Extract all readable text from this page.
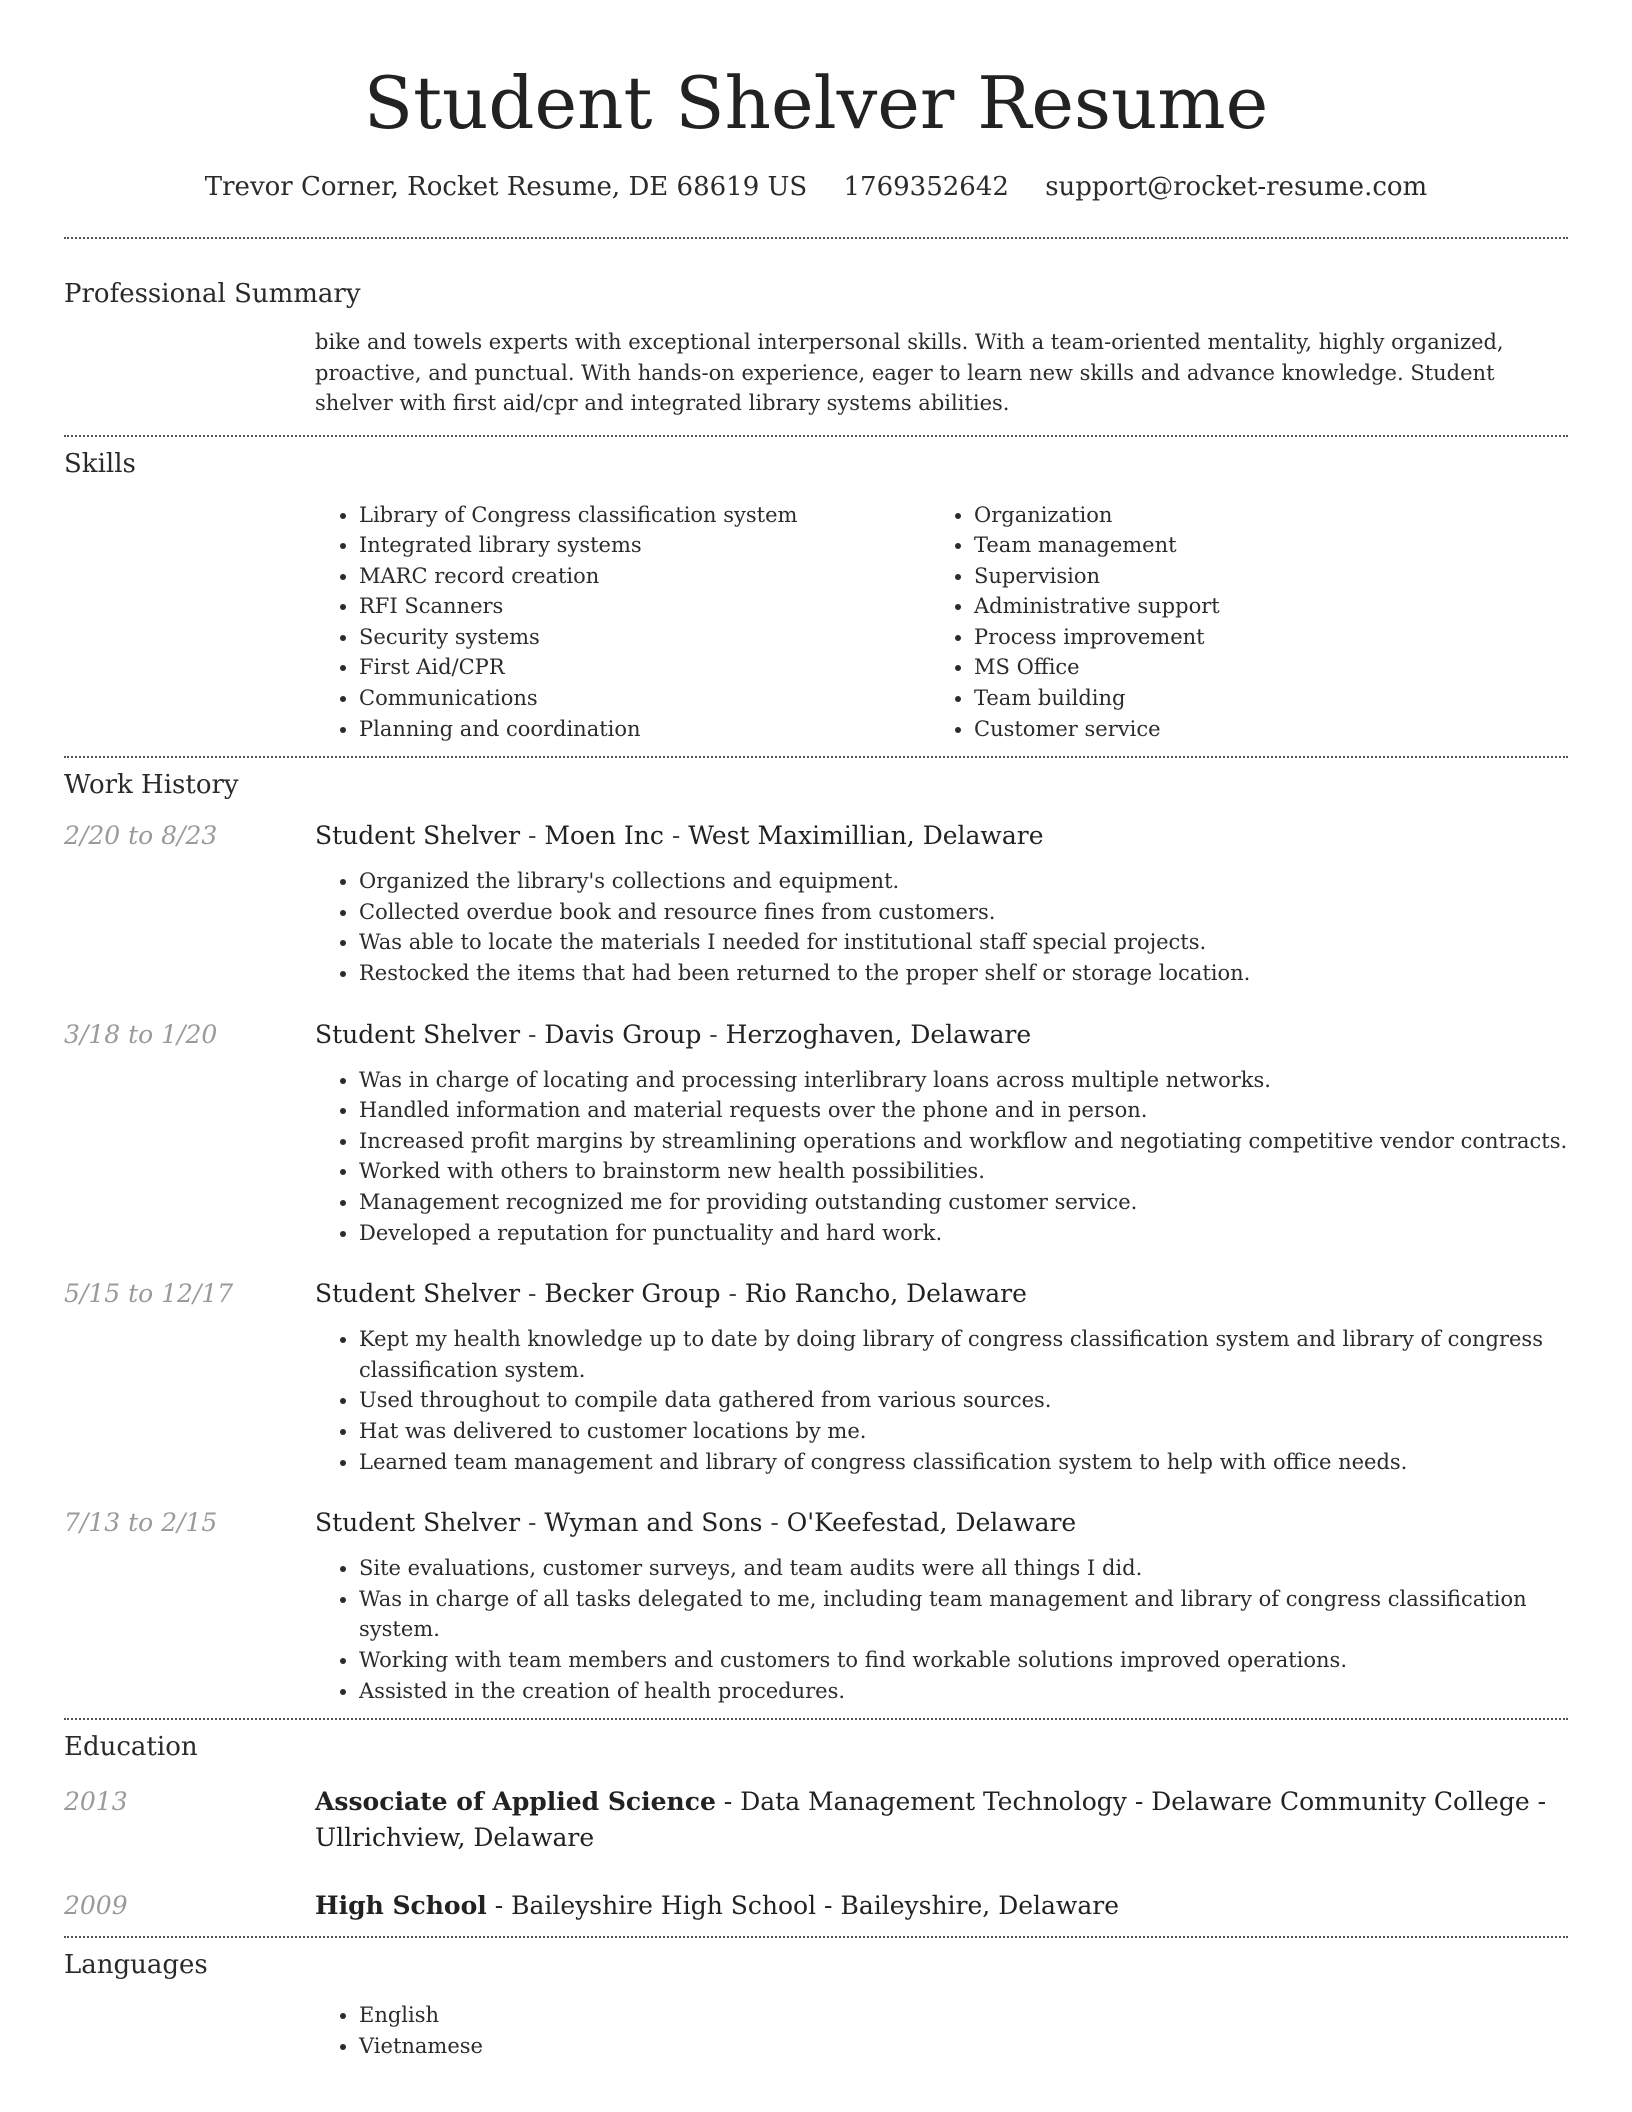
Student Shelver Resume
Trevor Corner, Rocket Resume, DE 68619 US 1769352642 support@rocket-resume.com
Professional Summary
bike and towels experts with exceptional interpersonal skills. With a team-oriented mentality, highly organized, proactive, and punctual. With hands-on experience, eager to learn new skills and advance knowledge. Student shelver with first aid/cpr and integrated library systems abilities.
Skills
• Library of Congress classification system
• Integrated library systems
• MARC record creation
• RFI Scanners
• Security systems
• First Aid/CPR
• Communications
• Planning and coordination
• Organization
• Team management
• Supervision
• Administrative support
• Process improvement
• MS Office
• Team building
• Customer service
Work History
2/20 to 8/23	Student Shelver - Moen Inc - West Maximillian, Delaware
• Organized the library's collections and equipment.
• Collected overdue book and resource fines from customers.
• Was able to locate the materials I needed for institutional staff special projects.
• Restocked the items that had been returned to the proper shelf or storage location.
3/18 to 1/20	Student Shelver - Davis Group - Herzoghaven, Delaware
• Was in charge of locating and processing interlibrary loans across multiple networks.
• Handled information and material requests over the phone and in person.
• Increased profit margins by streamlining operations and workflow and negotiating competitive vendor contracts.
• Worked with others to brainstorm new health possibilities.
• Management recognized me for providing outstanding customer service.
• Developed a reputation for punctuality and hard work.
5/15 to 12/17	Student Shelver - Becker Group - Rio Rancho, Delaware
• Kept my health knowledge up to date by doing library of congress classification system and library of congress classification system.
• Used throughout to compile data gathered from various sources.
• Hat was delivered to customer locations by me.
• Learned team management and library of congress classification system to help with office needs.
7/13 to 2/15	Student Shelver - Wyman and Sons - O'Keefestad, Delaware
• Site evaluations, customer surveys, and team audits were all things I did.
• Was in charge of all tasks delegated to me, including team management and library of congress classification system.
• Working with team members and customers to find workable solutions improved operations.
• Assisted in the creation of health procedures.
Education
2013	Associate of Applied Science - Data Management Technology - Delaware Community College - Ullrichview, Delaware
2009	High School - Baileyshire High School - Baileyshire, Delaware
Languages
• English
• Vietnamese
